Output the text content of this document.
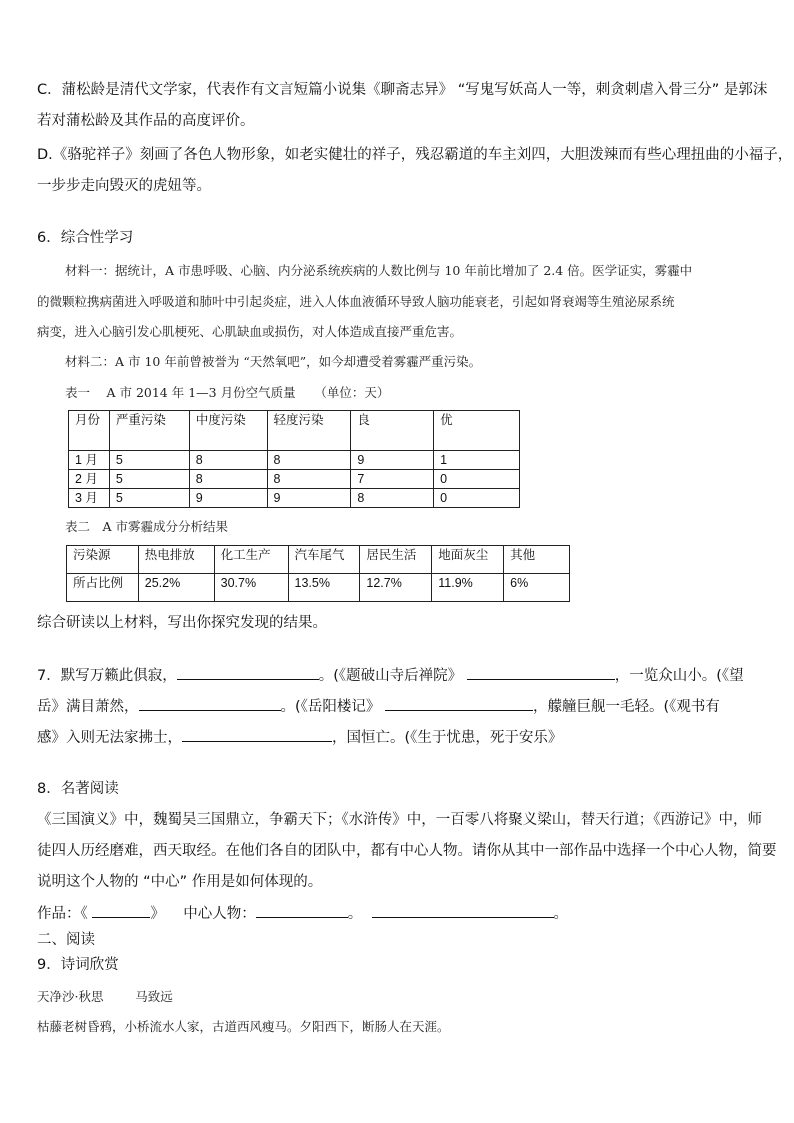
C．蒲松龄是清代文学家，代表作有文言短篇小说集《聊斋志异》 “写鬼写妖高人一等，刺贪刺虐入骨三分” 是郭沫
若对蒲松龄及其作品的高度评价。
D.《骆驼祥子》刻画了各色人物形象，如老实健壮的祥子，残忍霸道的车主刘四，大胆泼辣而有些心理扭曲的小福子，
一步步走向毁灭的虎妞等。
6．综合性学习
材料一：据统计，A 市患呼吸、心脑、内分泌系统疾病的人数比例与 10 年前比增加了 2.4 倍。医学证实，雾霾中
的微颗粒携病菌进入呼吸道和肺叶中引起炎症，进入人体血液循环导致人脑功能衰老，引起如肾衰竭等生殖泌尿系统
病变，进入心脑引发心肌梗死、心肌缺血或损伤，对人体造成直接严重危害。
材料二：A 市 10 年前曾被誉为 “天然氧吧”，如今却遭受着雾霾严重污染。
表一　 A 市 2014 年 1—3 月份空气质量　　（单位：天）
月份	严重污染	中度污染	轻度污染	良	优
1 月	5	8	8	9	1
2 月	5	8	8	7	0
3 月	5	9	9	8	0
表二　A 市雾霾成分分析结果
污染源	热电排放	化工生产	汽车尾气	居民生活	地面灰尘	其他
所占比例	25.2%	30.7%	13.5%	12.7%	11.9%	6%
综合研读以上材料，写出你探究发现的结果。
7．默写万籁此俱寂，	。(《题破山寺后禅院》	，一览众山小。(《望
岳》满目萧然，	。(《岳阳楼记》	，艨艟巨舰一毛轻。(《观书有
感》入则无法家拂士，	，国恒亡。(《生于忧患，死于安乐》
8．名著阅读
《三国演义》中，魏蜀吴三国鼎立，争霸天下；《水浒传》中，一百零八将聚义梁山，替天行道；《西游记》中，师
徒四人历经磨难，西天取经。在他们各自的团队中，都有中心人物。请你从其中一部作品中选择一个中心人物，简要
说明这个人物的 “中心” 作用是如何体现的。
作品：《	》 中心人物：	。	。
二、阅读
9．诗词欣赏
天净沙·秋思	马致远
枯藤老树昏鸦，小桥流水人家，古道西风瘦马。夕阳西下，断肠人在天涯。
